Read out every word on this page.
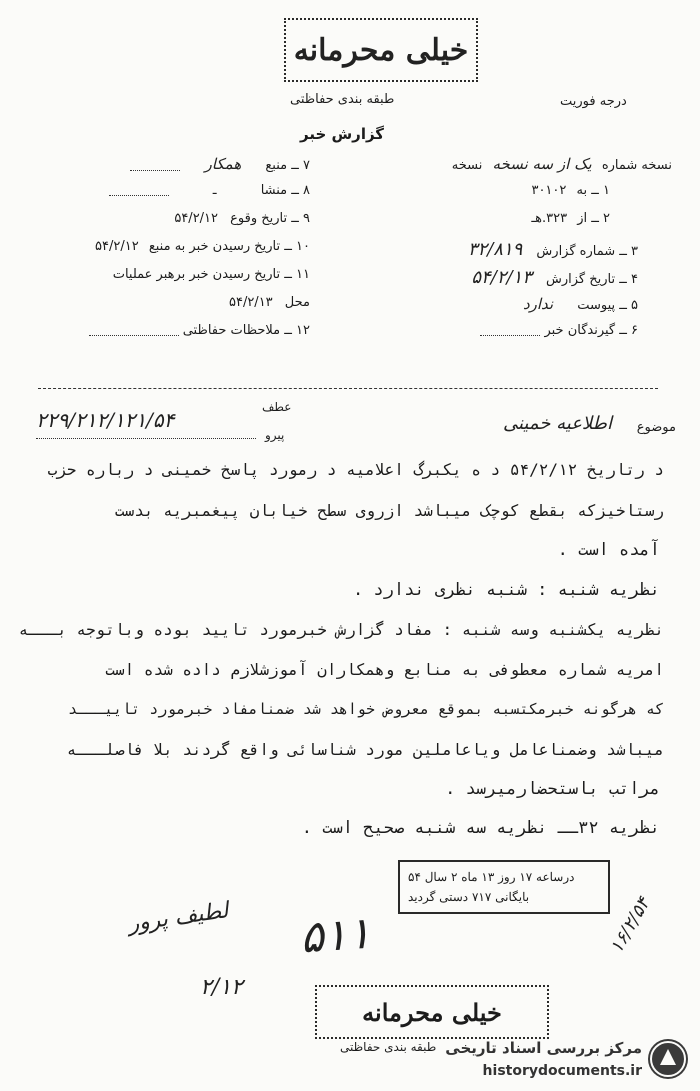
خیلی محرمانه
طبقه بندی حفاظتی	درجه فوریت
گزارش خبر
نسخه شماره یک از سه نسخه نسخه
۱ ــ به ۳۰۱۰۲
۲ ــ از ۳۲۳.هـ
۳ ــ شماره گزارش ۳۲/۸۱۹
۴ ــ تاریخ گزارش ۵۴/۲/۱۳
۵ ــ پیوست ندارد
۶ ــ گیرندگان خبر
۷ ــ منبع همکار
۸ ــ منشا ـ
۹ ــ تاریخ وقوع ۵۴/۲/۱۲
۱۰ ــ تاریخ رسیدن خبر به منبع ۵۴/۲/۱۲
۱۱ ــ تاریخ رسیدن خبر برهبر عملیات
محل ۵۴/۲/۱۳
۱۲ ــ ملاحظات حفاظتی
موضوع
اطلاعیه خمینی
عطف
پیرو
۲۲۹/۲۱۲/۱۲۱/۵۴
د رتاریخ ۵۴/۲/۱۲ د ه یکبرگ اعلامیه د رمورد پاسخ خمینی د رباره حزب
رستاخیزکه بقطع کوچک میباشد ازروی سطح خیابان پیغمبریه بدست
آمده است .
نظریه شنبه : شنبه نظری ندارد .
نظریه یکشنبه وسه شنبه : مفاد گزارش خبرمورد تایید بوده وباتوجه بـــه
امریه شماره معطوفی به منابع وهمکاران آموزشلازم داده شده است
که هرگونه خبرمکتسبه بموقع معروض خواهد شد ضمنامفاد خبرمورد تاییـــد
میباشد وضمناعامل ویاعاملین مورد شناسائی واقع گردند بلا فاصلـــه
مراتب باستحضارمیرسد .
نظریه ۳۲ــ نظریه سه شنبه صحیح است .
درساعه ۱۷ روز ۱۳ ماه ۲ سال ۵۴
بایگانی ۷۱۷ دستی گردید
لطیف پرور
۲/۱۲
۵۱۱	۱۶/۲/۵۴
خیلی محرمانه
طبقه بندی حفاظتی مرکز بررسی اسناد تاریخی
historydocuments.ir
